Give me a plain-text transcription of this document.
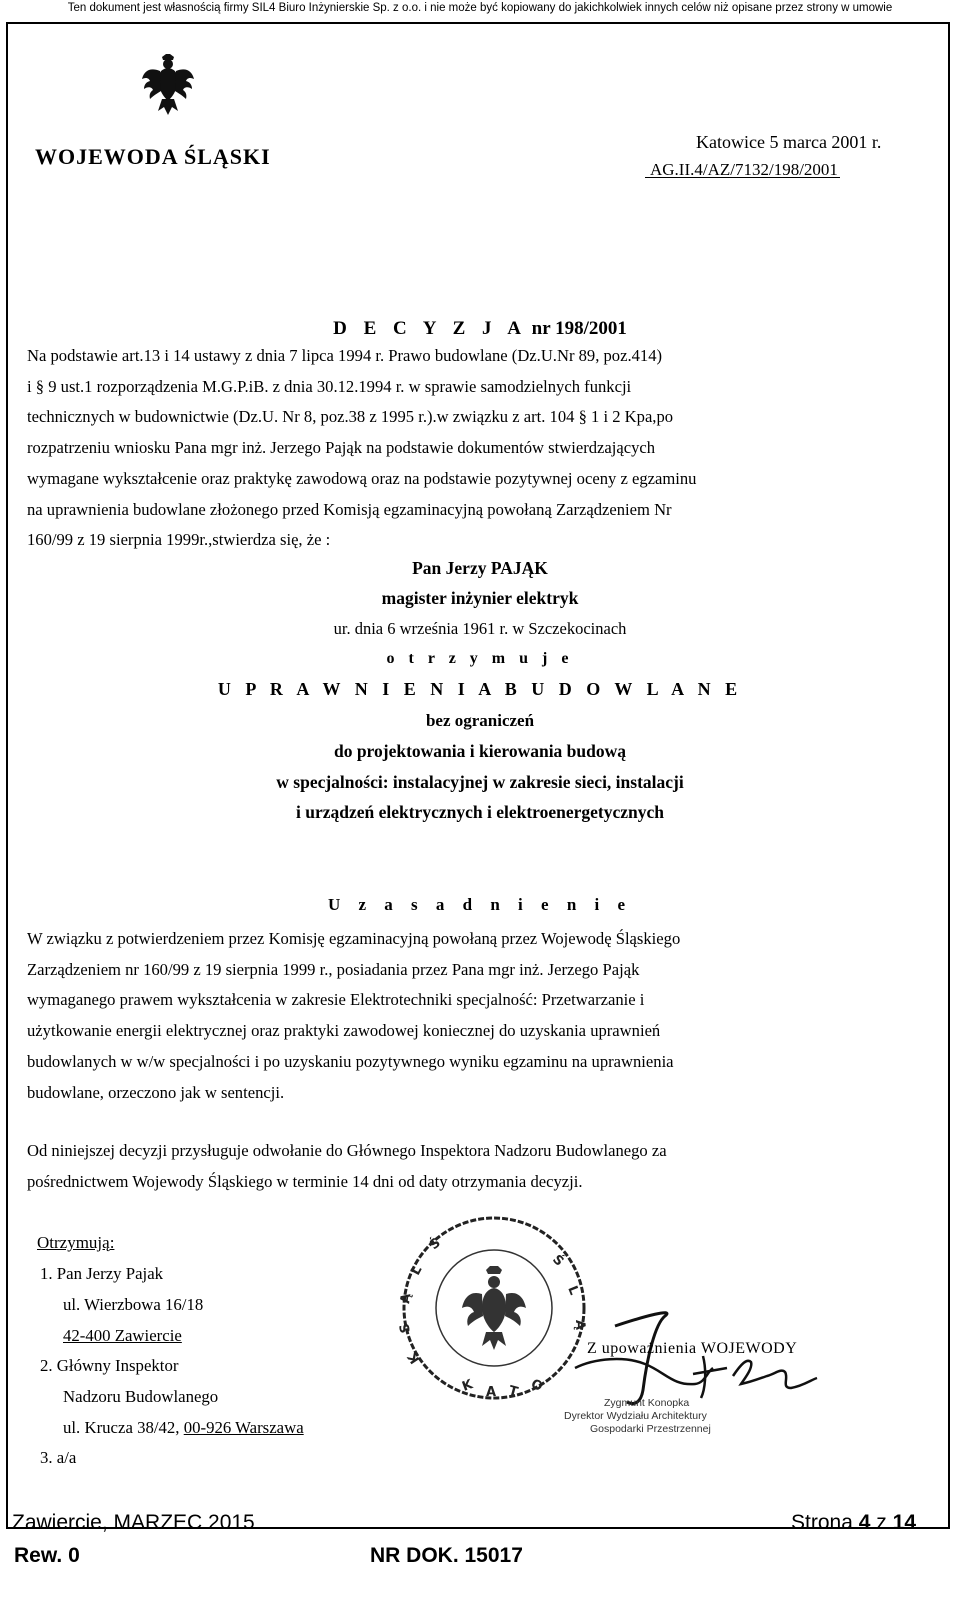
Ten dokument jest własnością firmy SIL4 Biuro Inżynierskie Sp. z o.o. i nie może być kopiowany do jakichkolwiek innych celów niż opisane przez strony w umowie
WOJEWODA ŚLĄSKI
Katowice 5 marca 2001 r.
AG.II.4/AZ/7132/198/2001
D E C Y Z J A nr 198/2001
Na podstawie art.13 i 14 ustawy z dnia 7 lipca 1994 r. Prawo budowlane (Dz.U.Nr 89, poz.414)
i § 9 ust.1 rozporządzenia M.G.P.iB. z dnia 30.12.1994 r. w sprawie samodzielnych funkcji
technicznych w budownictwie (Dz.U. Nr 8, poz.38 z 1995 r.).w związku z art. 104 § 1 i 2 Kpa,po
rozpatrzeniu wniosku Pana mgr inż. Jerzego Pająk na podstawie dokumentów stwierdzających
wymagane wykształcenie oraz praktykę zawodową oraz na podstawie pozytywnej oceny z egzaminu
na uprawnienia budowlane złożonego przed Komisją egzaminacyjną powołaną Zarządzeniem Nr
160/99 z 19 sierpnia 1999r.,stwierdza się, że :
Pan Jerzy PAJĄK
magister inżynier elektryk
ur. dnia 6 września 1961 r. w Szczekocinach
o t r z y m u j e
U P R A W N I E N I A B U D O W L A N E
bez ograniczeń
do projektowania i kierowania budową
w specjalności: instalacyjnej w zakresie sieci, instalacji
i urządzeń elektrycznych i elektroenergetycznych
U z a s a d n i e n i e
W związku z potwierdzeniem przez Komisję egzaminacyjną powołaną przez Wojewodę Śląskiego
Zarządzeniem nr 160/99 z 19 sierpnia 1999 r., posiadania przez Pana mgr inż. Jerzego Pająk
wymaganego prawem wykształcenia w zakresie Elektrotechniki specjalność: Przetwarzanie i
użytkowanie energii elektrycznej oraz praktyki zawodowej koniecznej do uzyskania uprawnień
budowlanych w w/w specjalności i po uzyskaniu pozytywnego wyniku egzaminu na uprawnienia
budowlane, orzeczono jak w sentencji.
Od niniejszej decyzji przysługuje odwołanie do Głównego Inspektora Nadzoru Budowlanego za
pośrednictwem Wojewody Śląskiego w terminie 14 dni od daty otrzymania decyzji.
Otrzymują:
1. Pan Jerzy Pajak
ul. Wierzbowa 16/18
42-400 Zawiercie
2. Główny Inspektor
Nadzoru Budowlanego
ul. Krucza 38/42, 00-926 Warszawa
3. a/a
Ś
L
Ą
S
K
Ś
L
Ą
K A T O
Z upoważnienia WOJEWODY
Zygmunt Konopka
Dyrektor Wydziału Architektury
Gospodarki Przestrzennej
Zawiercie, MARZEC 2015	Strona 4 z 14
Rew. 0	NR DOK. 15017
